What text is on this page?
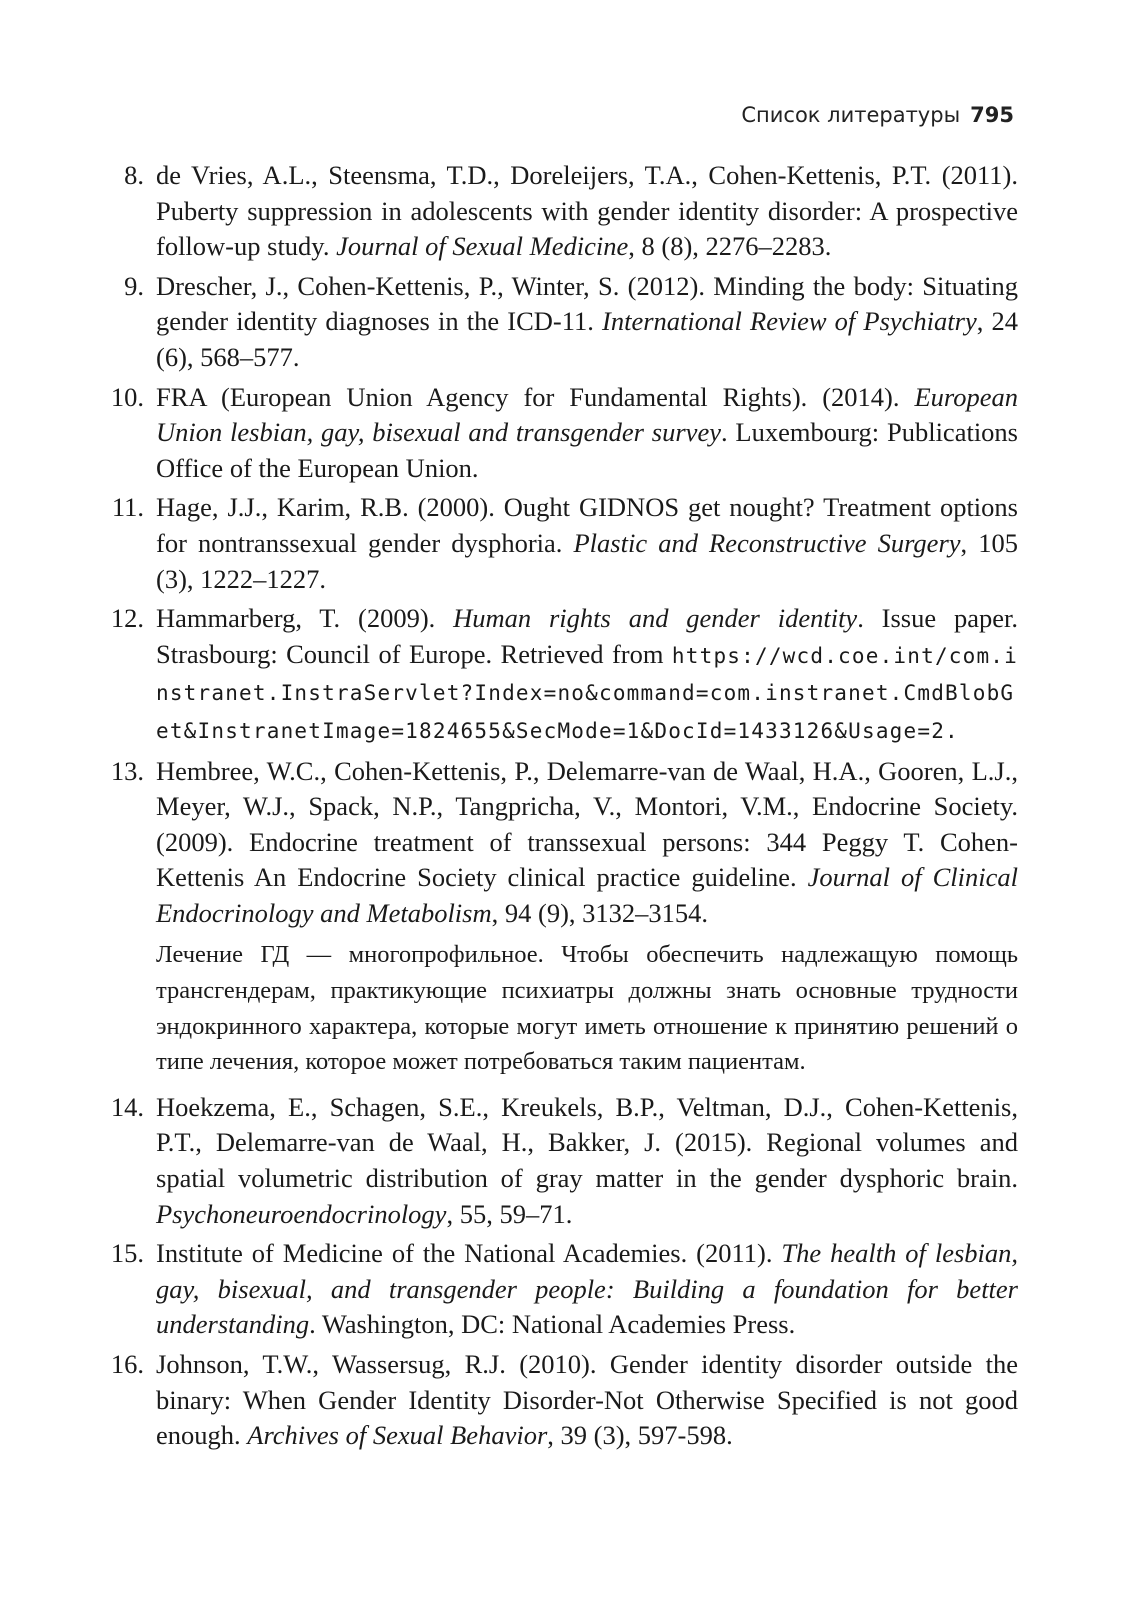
Список литературы 795
8. de Vries, A.L., Steensma, T.D., Doreleijers, T.A., Cohen-Kettenis, P.T. (2011). Puberty suppression in adolescents with gender identity disorder: A prospective follow-up study. Journal of Sexual Medicine, 8 (8), 2276–2283.
9. Drescher, J., Cohen-Kettenis, P., Winter, S. (2012). Minding the body: Situating gender identity diagnoses in the ICD-11. International Review of Psychiatry, 24 (6), 568–577.
10. FRA (European Union Agency for Fundamental Rights). (2014). European Union lesbian, gay, bisexual and transgender survey. Luxembourg: Publications Office of the European Union.
11. Hage, J.J., Karim, R.B. (2000). Ought GIDNOS get nought? Treatment options for nontranssexual gender dysphoria. Plastic and Reconstructive Surgery, 105 (3), 1222–1227.
12. Hammarberg, T. (2009). Human rights and gender identity. Issue paper. Strasbourg: Council of Europe. Retrieved from https://wcd.coe.int/com.instranet.InstraServlet?Index=no&command=com.instranet.CmdBlobGet&InstranetImage=1824655&SecMode=1&DocId=1433126&Usage=2.
13. Hembree, W.C., Cohen-Kettenis, P., Delemarre-van de Waal, H.A., Gooren, L.J., Meyer, W.J., Spack, N.P., Tangpricha, V., Montori, V.M., Endocrine Society. (2009). Endocrine treatment of transsexual persons: 344 Peggy T. Cohen-Kettenis An Endocrine Society clinical practice guideline. Journal of Clinical Endocrinology and Metabolism, 94 (9), 3132–3154.
Лечение ГД — многопрофильное. Чтобы обеспечить надлежащую помощь трансгендерам, практикующие психиатры должны знать основные трудности эндокринного характера, которые могут иметь отношение к принятию решений о типе лечения, которое может потребоваться таким пациентам.
14. Hoekzema, E., Schagen, S.E., Kreukels, B.P., Veltman, D.J., Cohen-Kettenis, P.T., Delemarre-van de Waal, H., Bakker, J. (2015). Regional volumes and spatial volumetric distribution of gray matter in the gender dysphoric brain. Psychoneuroendocrinology, 55, 59–71.
15. Institute of Medicine of the National Academies. (2011). The health of lesbian, gay, bisexual, and transgender people: Building a foundation for better understanding. Washington, DC: National Academies Press.
16. Johnson, T.W., Wassersug, R.J. (2010). Gender identity disorder outside the binary: When Gender Identity Disorder-Not Otherwise Specified is not good enough. Archives of Sexual Behavior, 39 (3), 597-598.
